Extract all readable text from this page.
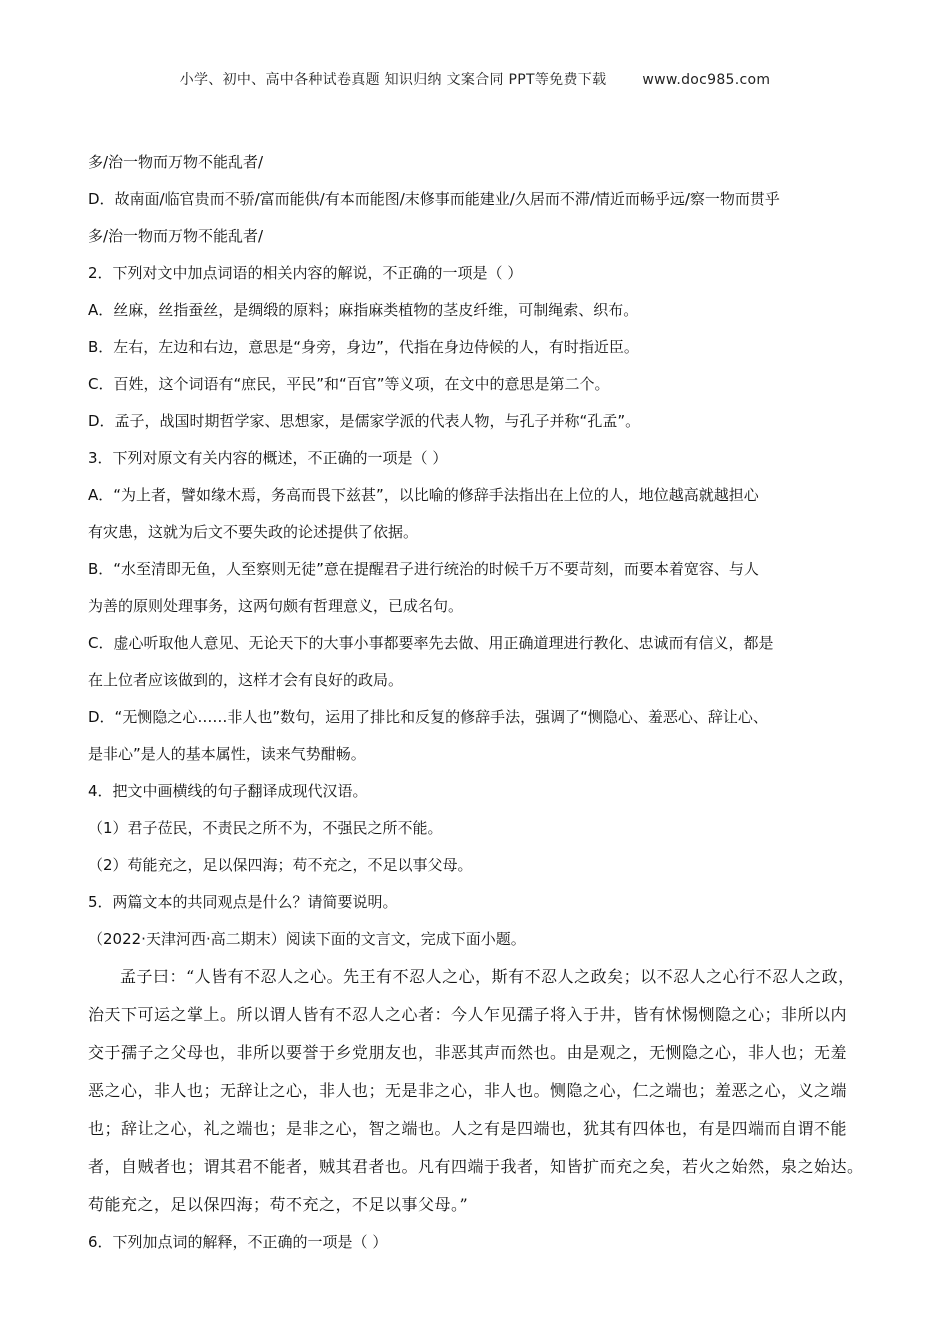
小学、初中、高中各种试卷真题 知识归纳 文案合同 PPT等免费下载	www.doc985.com
多/治一物而万物不能乱者/
D．故南面/临官贵而不骄/富而能供/有本而能图/末修事而能建业/久居而不滞/情近而畅乎远/察一物而贯乎
多/治一物而万物不能乱者/
2．下列对文中加点词语的相关内容的解说，不正确的一项是（ ）
A．丝麻，丝指蚕丝，是绸缎的原料；麻指麻类植物的茎皮纤维，可制绳索、织布。
B．左右，左边和右边，意思是“身旁，身边”，代指在身边侍候的人，有时指近臣。
C．百姓，这个词语有“庶民，平民”和“百官”等义项，在文中的意思是第二个。
D．孟子，战国时期哲学家、思想家，是儒家学派的代表人物，与孔子并称“孔孟”。
3．下列对原文有关内容的概述，不正确的一项是（ ）
A．“为上者，譬如缘木焉，务高而畏下兹甚”，以比喻的修辞手法指出在上位的人，地位越高就越担心
有灾患，这就为后文不要失政的论述提供了依据。
B．“水至清即无鱼，人至察则无徒”意在提醒君子进行统治的时候千万不要苛刻，而要本着宽容、与人
为善的原则处理事务，这两句颇有哲理意义，已成名句。
C．虚心听取他人意见、无论天下的大事小事都要率先去做、用正确道理进行教化、忠诚而有信义，都是
在上位者应该做到的，这样才会有良好的政局。
D．“无恻隐之心……非人也”数句，运用了排比和反复的修辞手法，强调了“恻隐心、羞恶心、辞让心、
是非心”是人的基本属性，读来气势酣畅。
4．把文中画横线的句子翻译成现代汉语。
（1）君子莅民，不责民之所不为，不强民之所不能。
（2）苟能充之，足以保四海；苟不充之，不足以事父母。
5．两篇文本的共同观点是什么？请简要说明。
（2022·天津河西·高二期末）阅读下面的文言文，完成下面小题。
孟子曰：“人皆有不忍人之心。先王有不忍人之心，斯有不忍人之政矣；以不忍人之心行不忍人之政，
治天下可运之掌上。所以谓人皆有不忍人之心者：今人乍见孺子将入于井，皆有怵惕恻隐之心；非所以内
交于孺子之父母也，非所以要誉于乡党朋友也，非恶其声而然也。由是观之，无恻隐之心，非人也；无羞
恶之心，非人也；无辞让之心，非人也；无是非之心，非人也。恻隐之心，仁之端也；羞恶之心，义之端
也；辞让之心，礼之端也；是非之心，智之端也。人之有是四端也，犹其有四体也，有是四端而自谓不能
者，自贼者也；谓其君不能者，贼其君者也。凡有四端于我者，知皆扩而充之矣，若火之始然，泉之始达。
苟能充之，足以保四海；苟不充之，不足以事父母。”
6．下列加点词的解释，不正确的一项是（ ）
